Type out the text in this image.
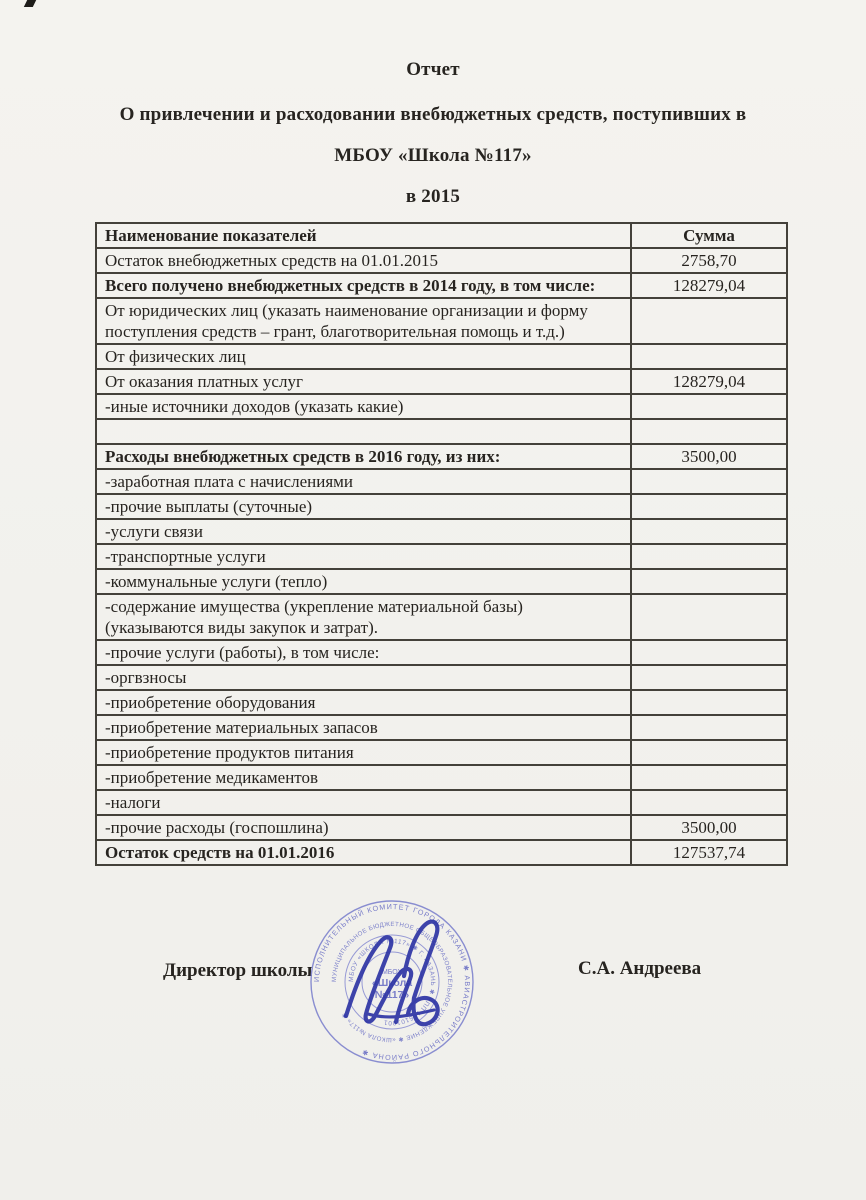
Отчет
О привлечении и расходовании внебюджетных средств, поступивших в
МБОУ «Школа №117»
в 2015
Наименование показателей	Сумма
Остаток внебюджетных средств на 01.01.2015	2758,70
Всего получено внебюджетных средств в 2014 году, в том числе:	128279,04
От юридических лиц (указать наименование организации и форму поступления средств – грант, благотворительная помощь и т.д.)	
От физических лиц	
От оказания платных услуг	128279,04
-иные источники доходов (указать какие)	

Расходы внебюджетных средств в 2016 году, из них:	3500,00
-заработная плата с начислениями	
-прочие выплаты (суточные)	
-услуги связи	
-транспортные услуги	
-коммунальные услуги (тепло)	
-содержание имущества (укрепление материальной базы) (указываются виды закупок и затрат).	
-прочие услуги (работы), в том числе:	
-оргвзносы	
-приобретение оборудования	
-приобретение материальных запасов	
-приобретение продуктов питания	
-приобретение медикаментов	
-налоги	
-прочие расходы (госпошлина)	3500,00
Остаток средств на 01.01.2016	127537,74
Директор школы	С.А. Андреева
ИСПОЛНИТЕЛЬНЫЙ КОМИТЕТ ГОРОДА КАЗАНИ ✱ АВИАСТРОИТЕЛЬНОГО РАЙОНА ✱
МУНИЦИПАЛЬНОЕ БЮДЖЕТНОЕ ОБЩЕОБРАЗОВАТЕЛЬНОЕ УЧРЕЖДЕНИЕ ✱ «ШКОЛА №117» ✱
МБОУ «ШКОЛА №117» ✱ Г. КАЗАНЬ ✱ КПП 166101001
МБОУ
«Школа
№117»
